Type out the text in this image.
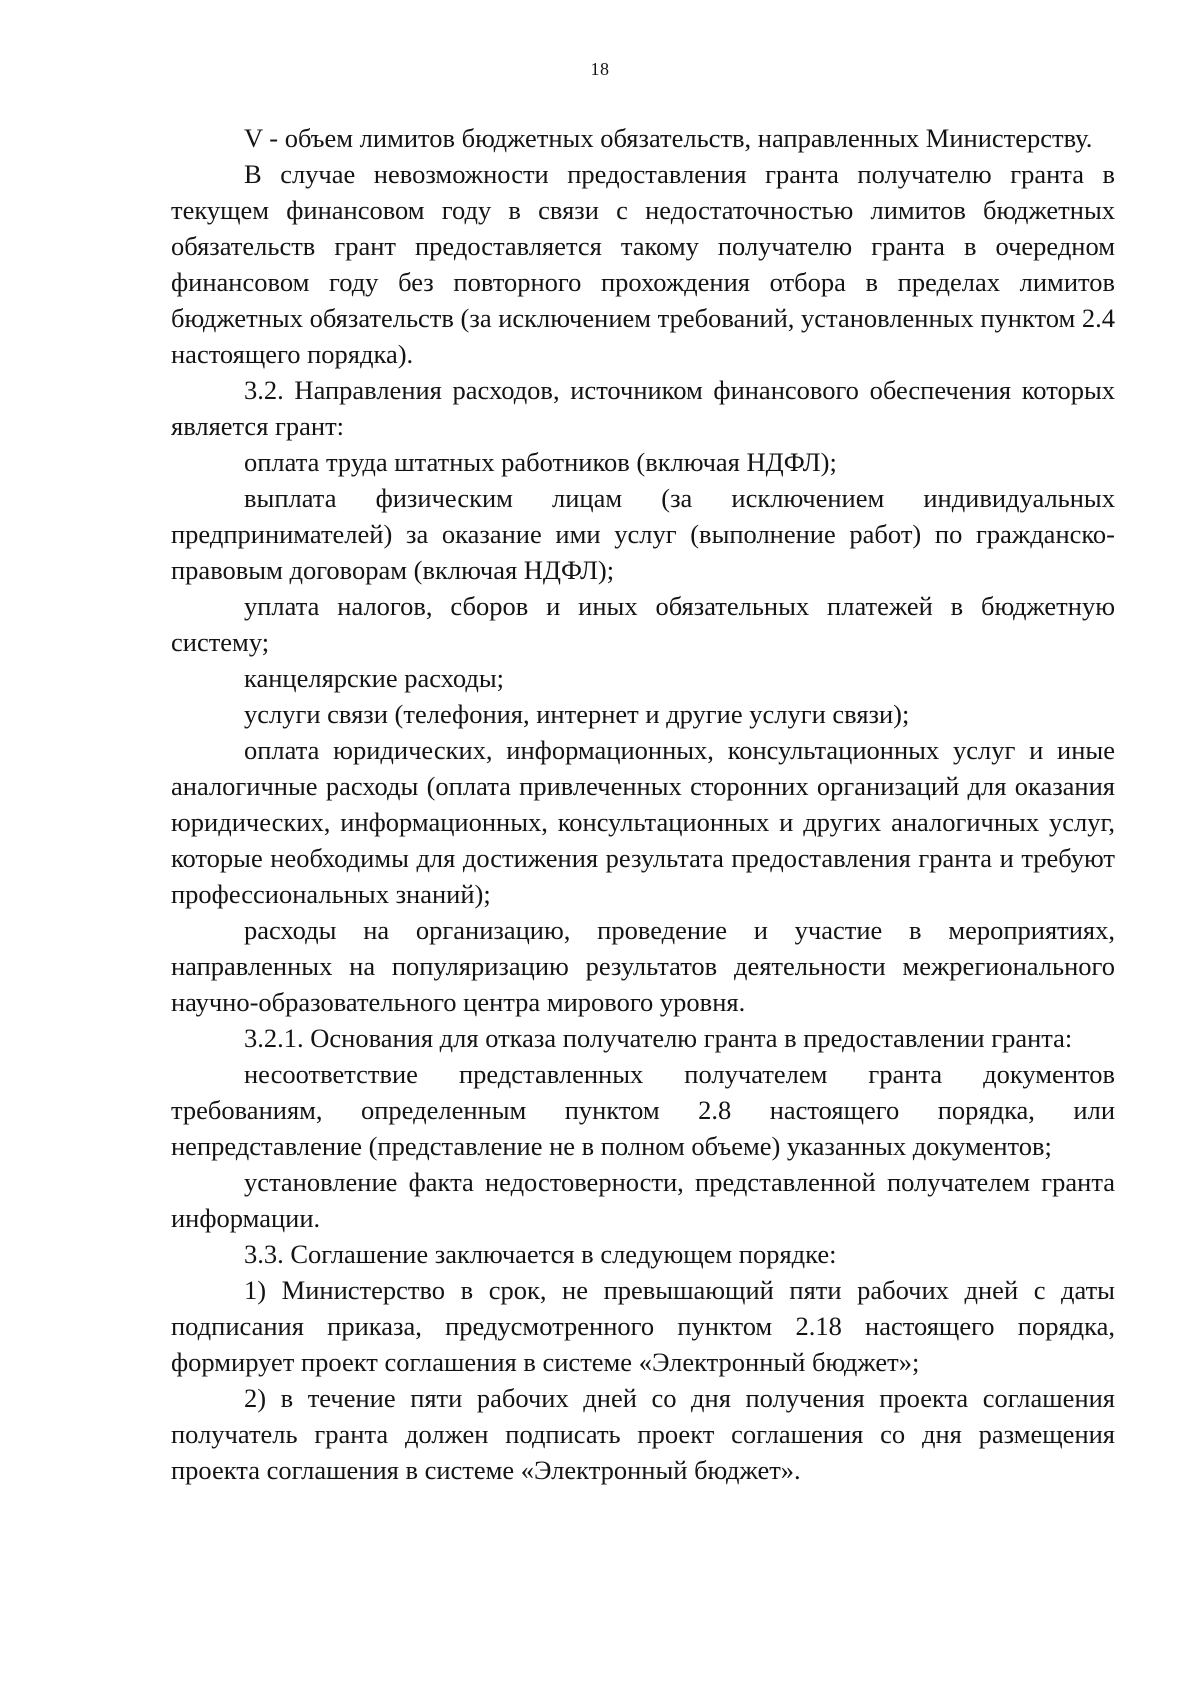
18

V - объем лимитов бюджетных обязательств, направленных Министерству.

В случае невозможности предоставления гранта получателю гранта в текущем финансовом году в связи с недостаточностью лимитов бюджетных обязательств грант предоставляется такому получателю гранта в очередном финансовом году без повторного прохождения отбора в пределах лимитов бюджетных обязательств (за исключением требований, установленных пунктом 2.4 настоящего порядка).

3.2. Направления расходов, источником финансового обеспечения которых является грант:

оплата труда штатных работников (включая НДФЛ);

выплата физическим лицам (за исключением индивидуальных предпринимателей) за оказание ими услуг (выполнение работ) по гражданско-правовым договорам (включая НДФЛ);

уплата налогов, сборов и иных обязательных платежей в бюджетную систему;

канцелярские расходы;

услуги связи (телефония, интернет и другие услуги связи);

оплата юридических, информационных, консультационных услуг и иные аналогичные расходы (оплата привлеченных сторонних организаций для оказания юридических, информационных, консультационных и других аналогичных услуг, которые необходимы для достижения результата предоставления гранта и требуют профессиональных знаний);

расходы на организацию, проведение и участие в мероприятиях, направленных на популяризацию результатов деятельности межрегионального научно-образовательного центра мирового уровня.

3.2.1. Основания для отказа получателю гранта в предоставлении гранта:

несоответствие представленных получателем гранта документов требованиям, определенным пунктом 2.8 настоящего порядка, или непредставление (представление не в полном объеме) указанных документов;

установление факта недостоверности, представленной получателем гранта информации.

3.3. Соглашение заключается в следующем порядке:

1) Министерство в срок, не превышающий пяти рабочих дней с даты подписания приказа, предусмотренного пунктом 2.18 настоящего порядка, формирует проект соглашения в системе «Электронный бюджет»;

2) в течение пяти рабочих дней со дня получения проекта соглашения получатель гранта должен подписать проект соглашения со дня размещения проекта соглашения в системе «Электронный бюджет».
